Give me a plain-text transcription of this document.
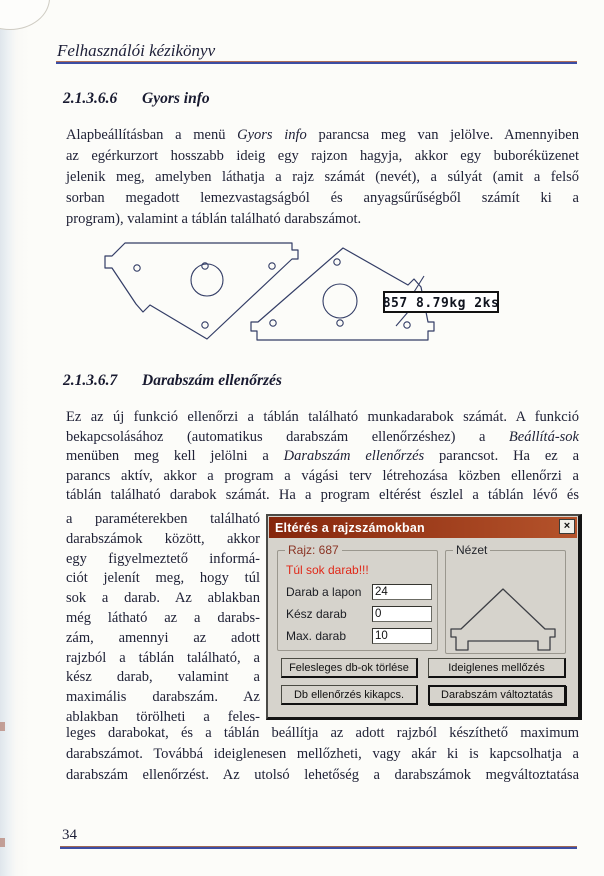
Felhasználói kézikönyv
2.1.3.6.6	Gyors info
Alapbeállításban a menü Gyors info parancsa meg van jelölve. Amennyiben
az egérkurzort hosszabb ideig egy rajzon hagyja, akkor egy buboréküzenet
jelenik meg, amelyben láthatja a rajz számát (nevét), a súlyát (amit a felső
sorban megadott lemezvastagságból és anyagsűrűségből számít ki a
program), valamint a táblán található darabszámot.
857 8.79kg 2ks
2.1.3.6.7	Darabszám ellenőrzés
Ez az új funkció ellenőrzi a táblán található munkadarabok számát. A funkció
bekapcsolásához (automatikus darabszám ellenőrzéshez) a Beállítá-sok
menüben meg kell jelölni a Darabszám ellenőrzés parancsot. Ha ez a
parancs aktív, akkor a program a vágási terv létrehozása közben ellenőrzi a
táblán található darabok számát. Ha a program eltérést észlel a táblán lévő és
a paraméterekben található
darabszámok között, akkor
egy figyelmeztető informá-
ciót jelenít meg, hogy túl
sok a darab. Az ablakban
még látható az a darabs-
zám, amennyi az adott
rajzból a táblán található, a
kész darab, valamint a
maximális darabszám. Az
ablakban törölheti a feles-
Eltérés a rajzszámokban	×
Rajz: 687
Túl sok darab!!!
Darab a lapon
24
Kész darab
0
Max. darab
10
Nézet
Felesleges db-ok törlése	Ideiglenes mellőzés
Db ellenőrzés kikapcs.	Darabszám változtatás
leges darabokat, és a táblán beállítja az adott rajzból készíthető maximum
darabszámot. Továbbá ideiglenesen mellőzheti, vagy akár ki is kapcsolhatja a
darabszám ellenőrzést. Az utolsó lehetőség a darabszámok megváltoztatása
34
